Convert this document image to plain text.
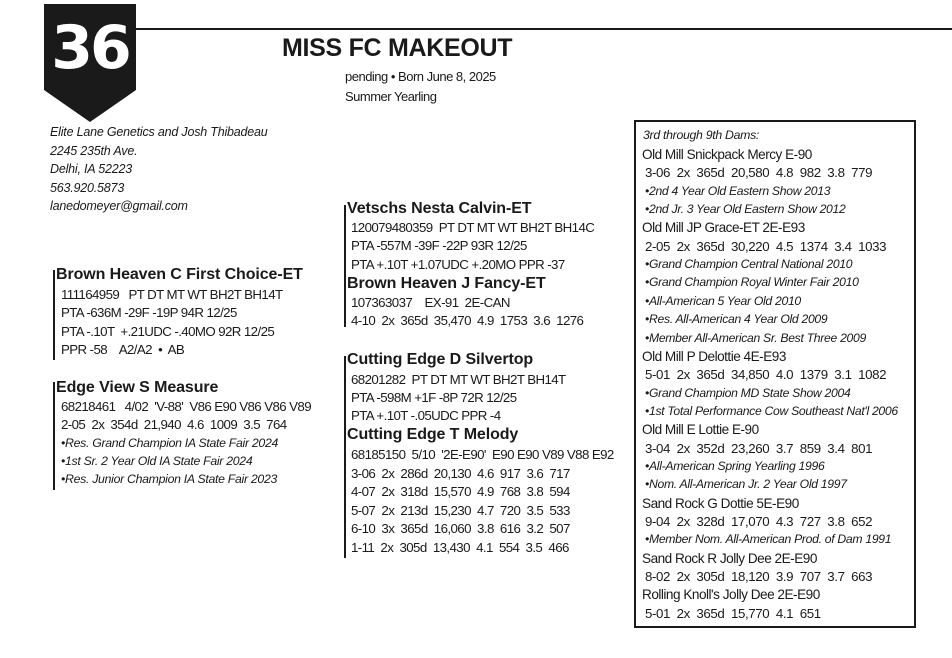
36	MISS FC MAKEOUT
pending • Born June 8, 2025
Summer Yearling
Elite Lane Genetics and Josh Thibadeau
2245 235th Ave.
Delhi, IA 52223
563.920.5873
lanedomeyer@gmail.com
Brown Heaven C First Choice-ET
111164959   PT DT MT WT BH2T BH14T
PTA -636M -29F -19P 94R 12/25
PTA -.10T  +.21UDC -.40MO 92R 12/25
PPR -58    A2/A2  •  AB
Edge View S Measure
68218461   4/02  'V-88'  V86 E90 V86 V86 V89
2-05  2x  354d  21,940  4.6  1009  3.5  764
•Res. Grand Champion IA State Fair 2024
•1st Sr. 2 Year Old IA State Fair 2024
•Res. Junior Champion IA State Fair 2023
Vetschs Nesta Calvin-ET
120079480359  PT DT MT WT BH2T BH14C
PTA -557M -39F -22P 93R 12/25
PTA +.10T +1.07UDC +.20MO PPR -37
Brown Heaven J Fancy-ET
107363037    EX-91  2E-CAN
4-10  2x  365d  35,470  4.9  1753  3.6  1276
Cutting Edge D Silvertop
68201282  PT DT MT WT BH2T BH14T
PTA -598M +1F -8P 72R 12/25
PTA +.10T -.05UDC PPR -4
Cutting Edge T Melody
68185150  5/10  '2E-E90'  E90 E90 V89 V88 E92
3-06  2x  286d  20,130  4.6  917  3.6  717
4-07  2x  318d  15,570  4.9  768  3.8  594
5-07  2x  213d  15,230  4.7  720  3.5  533
6-10  3x  365d  16,060  3.8  616  3.2  507
1-11  2x  305d  13,430  4.1  554  3.5  466
3rd through 9th Dams:
Old Mill Snickpack Mercy E-90
3-06  2x  365d  20,580  4.8  982  3.8  779
•2nd 4 Year Old Eastern Show 2013
•2nd Jr. 3 Year Old Eastern Show 2012
Old Mill JP Grace-ET 2E-E93
2-05  2x  365d  30,220  4.5  1374  3.4  1033
•Grand Champion Central National 2010
•Grand Champion Royal Winter Fair 2010
•All-American 5 Year Old 2010
•Res. All-American 4 Year Old 2009
•Member All-American Sr. Best Three 2009
Old Mill P Delottie 4E-E93
5-01  2x  365d  34,850  4.0  1379  3.1  1082
•Grand Champion MD State Show 2004
•1st Total Performance Cow Southeast Nat'l 2006
Old Mill E Lottie E-90
3-04  2x  352d  23,260  3.7  859  3.4  801
•All-American Spring Yearling 1996
•Nom. All-American Jr. 2 Year Old 1997
Sand Rock G Dottie 5E-E90
9-04  2x  328d  17,070  4.3  727  3.8  652
•Member Nom. All-American Prod. of Dam 1991
Sand Rock R Jolly Dee 2E-E90
8-02  2x  305d  18,120  3.9  707  3.7  663
Rolling Knoll's Jolly Dee 2E-E90
5-01  2x  365d  15,770  4.1  651
